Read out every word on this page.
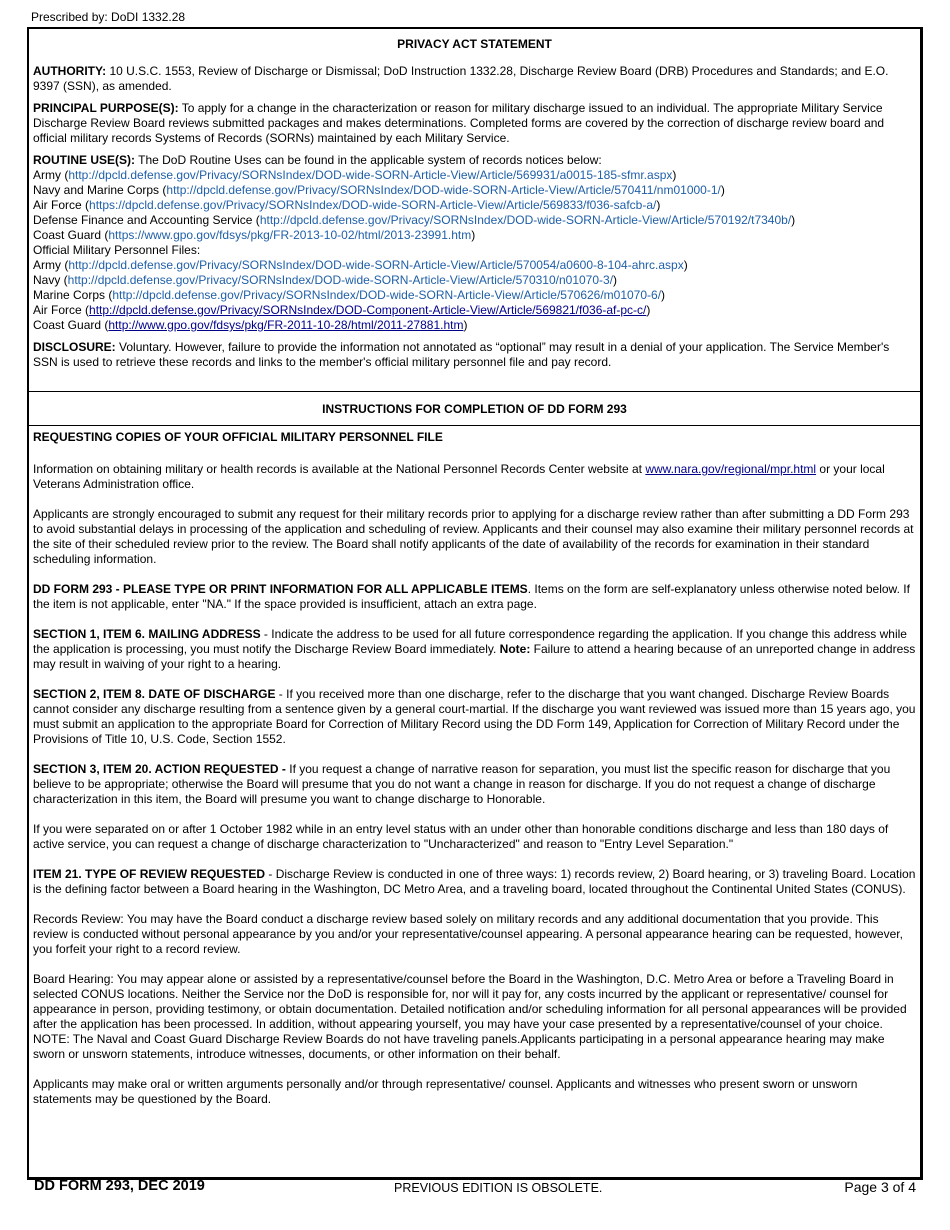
Prescribed by: DoDI 1332.28
PRIVACY ACT STATEMENT

AUTHORITY: 10 U.S.C. 1553, Review of Discharge or Dismissal; DoD Instruction 1332.28, Discharge Review Board (DRB) Procedures and Standards; and E.O. 9397 (SSN), as amended.

PRINCIPAL PURPOSE(S): To apply for a change in the characterization or reason for military discharge issued to an individual. The appropriate Military Service Discharge Review Board reviews submitted packages and makes determinations. Completed forms are covered by the correction of discharge review board and official military records Systems of Records (SORNs) maintained by each Military Service.

ROUTINE USE(S): The DoD Routine Uses can be found in the applicable system of records notices below:
Army (http://dpcld.defense.gov/Privacy/SORNsIndex/DOD-wide-SORN-Article-View/Article/569931/a0015-185-sfmr.aspx)
Navy and Marine Corps (http://dpcld.defense.gov/Privacy/SORNsIndex/DOD-wide-SORN-Article-View/Article/570411/nm01000-1/)
Air Force (https://dpcld.defense.gov/Privacy/SORNsIndex/DOD-wide-SORN-Article-View/Article/569833/f036-safcb-a/)
Defense Finance and Accounting Service (http://dpcld.defense.gov/Privacy/SORNsIndex/DOD-wide-SORN-Article-View/Article/570192/t7340b/)
Coast Guard (https://www.gpo.gov/fdsys/pkg/FR-2013-10-02/html/2013-23991.htm)
Official Military Personnel Files:
Army (http://dpcld.defense.gov/Privacy/SORNsIndex/DOD-wide-SORN-Article-View/Article/570054/a0600-8-104-ahrc.aspx)
Navy (http://dpcld.defense.gov/Privacy/SORNsIndex/DOD-wide-SORN-Article-View/Article/570310/n01070-3/)
Marine Corps (http://dpcld.defense.gov/Privacy/SORNsIndex/DOD-wide-SORN-Article-View/Article/570626/m01070-6/)
Air Force (http://dpcld.defense.gov/Privacy/SORNsIndex/DOD-Component-Article-View/Article/569821/f036-af-pc-c/)
Coast Guard (http://www.gpo.gov/fdsys/pkg/FR-2011-10-28/html/2011-27881.htm)

DISCLOSURE: Voluntary. However, failure to provide the information not annotated as “optional” may result in a denial of your application. The Service Member's SSN is used to retrieve these records and links to the member's official military personnel file and pay record.

INSTRUCTIONS FOR COMPLETION OF DD FORM 293
REQUESTING COPIES OF YOUR OFFICIAL MILITARY PERSONNEL FILE

Information on obtaining military or health records is available at the National Personnel Records Center website at www.nara.gov/regional/mpr.html or your local Veterans Administration office.

Applicants are strongly encouraged to submit any request for their military records prior to applying for a discharge review rather than after submitting a DD Form 293 to avoid substantial delays in processing of the application and scheduling of review. Applicants and their counsel may also examine their military personnel records at the site of their scheduled review prior to the review. The Board shall notify applicants of the date of availability of the records for examination in their standard scheduling information.

DD FORM 293 - PLEASE TYPE OR PRINT INFORMATION FOR ALL APPLICABLE ITEMS. Items on the form are self-explanatory unless otherwise noted below. If the item is not applicable, enter "NA." If the space provided is insufficient, attach an extra page.

SECTION 1, ITEM 6. MAILING ADDRESS - Indicate the address to be used for all future correspondence regarding the application. If you change this address while the application is processing, you must notify the Discharge Review Board immediately. Note: Failure to attend a hearing because of an unreported change in address may result in waiving of your right to a hearing.

SECTION 2, ITEM 8. DATE OF DISCHARGE - If you received more than one discharge, refer to the discharge that you want changed. Discharge Review Boards cannot consider any discharge resulting from a sentence given by a general court-martial. If the discharge you want reviewed was issued more than 15 years ago, you must submit an application to the appropriate Board for Correction of Military Record using the DD Form 149, Application for Correction of Military Record under the Provisions of Title 10, U.S. Code, Section 1552.

SECTION 3, ITEM 20. ACTION REQUESTED - If you request a change of narrative reason for separation, you must list the specific reason for discharge that you believe to be appropriate; otherwise the Board will presume that you do not want a change in reason for discharge. If you do not request a change of discharge characterization in this item, the Board will presume you want to change discharge to Honorable.

If you were separated on or after 1 October 1982 while in an entry level status with an under other than honorable conditions discharge and less than 180 days of active service, you can request a change of discharge characterization to "Uncharacterized" and reason to "Entry Level Separation."

ITEM 21. TYPE OF REVIEW REQUESTED - Discharge Review is conducted in one of three ways: 1) records review, 2) Board hearing, or 3) traveling Board. Location is the defining factor between a Board hearing in the Washington, DC Metro Area, and a traveling board, located throughout the Continental United States (CONUS).

Records Review: You may have the Board conduct a discharge review based solely on military records and any additional documentation that you provide. This review is conducted without personal appearance by you and/or your representative/counsel appearing. A personal appearance hearing can be requested, however, you forfeit your right to a record review.

Board Hearing: You may appear alone or assisted by a representative/counsel before the Board in the Washington, D.C. Metro Area or before a Traveling Board in selected CONUS locations. Neither the Service nor the DoD is responsible for, nor will it pay for, any costs incurred by the applicant or representative/ counsel for appearance in person, providing testimony, or obtain documentation. Detailed notification and/or scheduling information for all personal appearances will be provided after the application has been processed. In addition, without appearing yourself, you may have your case presented by a representative/counsel of your choice. NOTE: The Naval and Coast Guard Discharge Review Boards do not have traveling panels.Applicants participating in a personal appearance hearing may make sworn or unsworn statements, introduce witnesses, documents, or other information on their behalf.

Applicants may make oral or written arguments personally and/or through representative/ counsel. Applicants and witnesses who present sworn or unsworn statements may be questioned by the Board.

DD FORM 293, DEC 2019	PREVIOUS EDITION IS OBSOLETE.	Page 3 of 4
